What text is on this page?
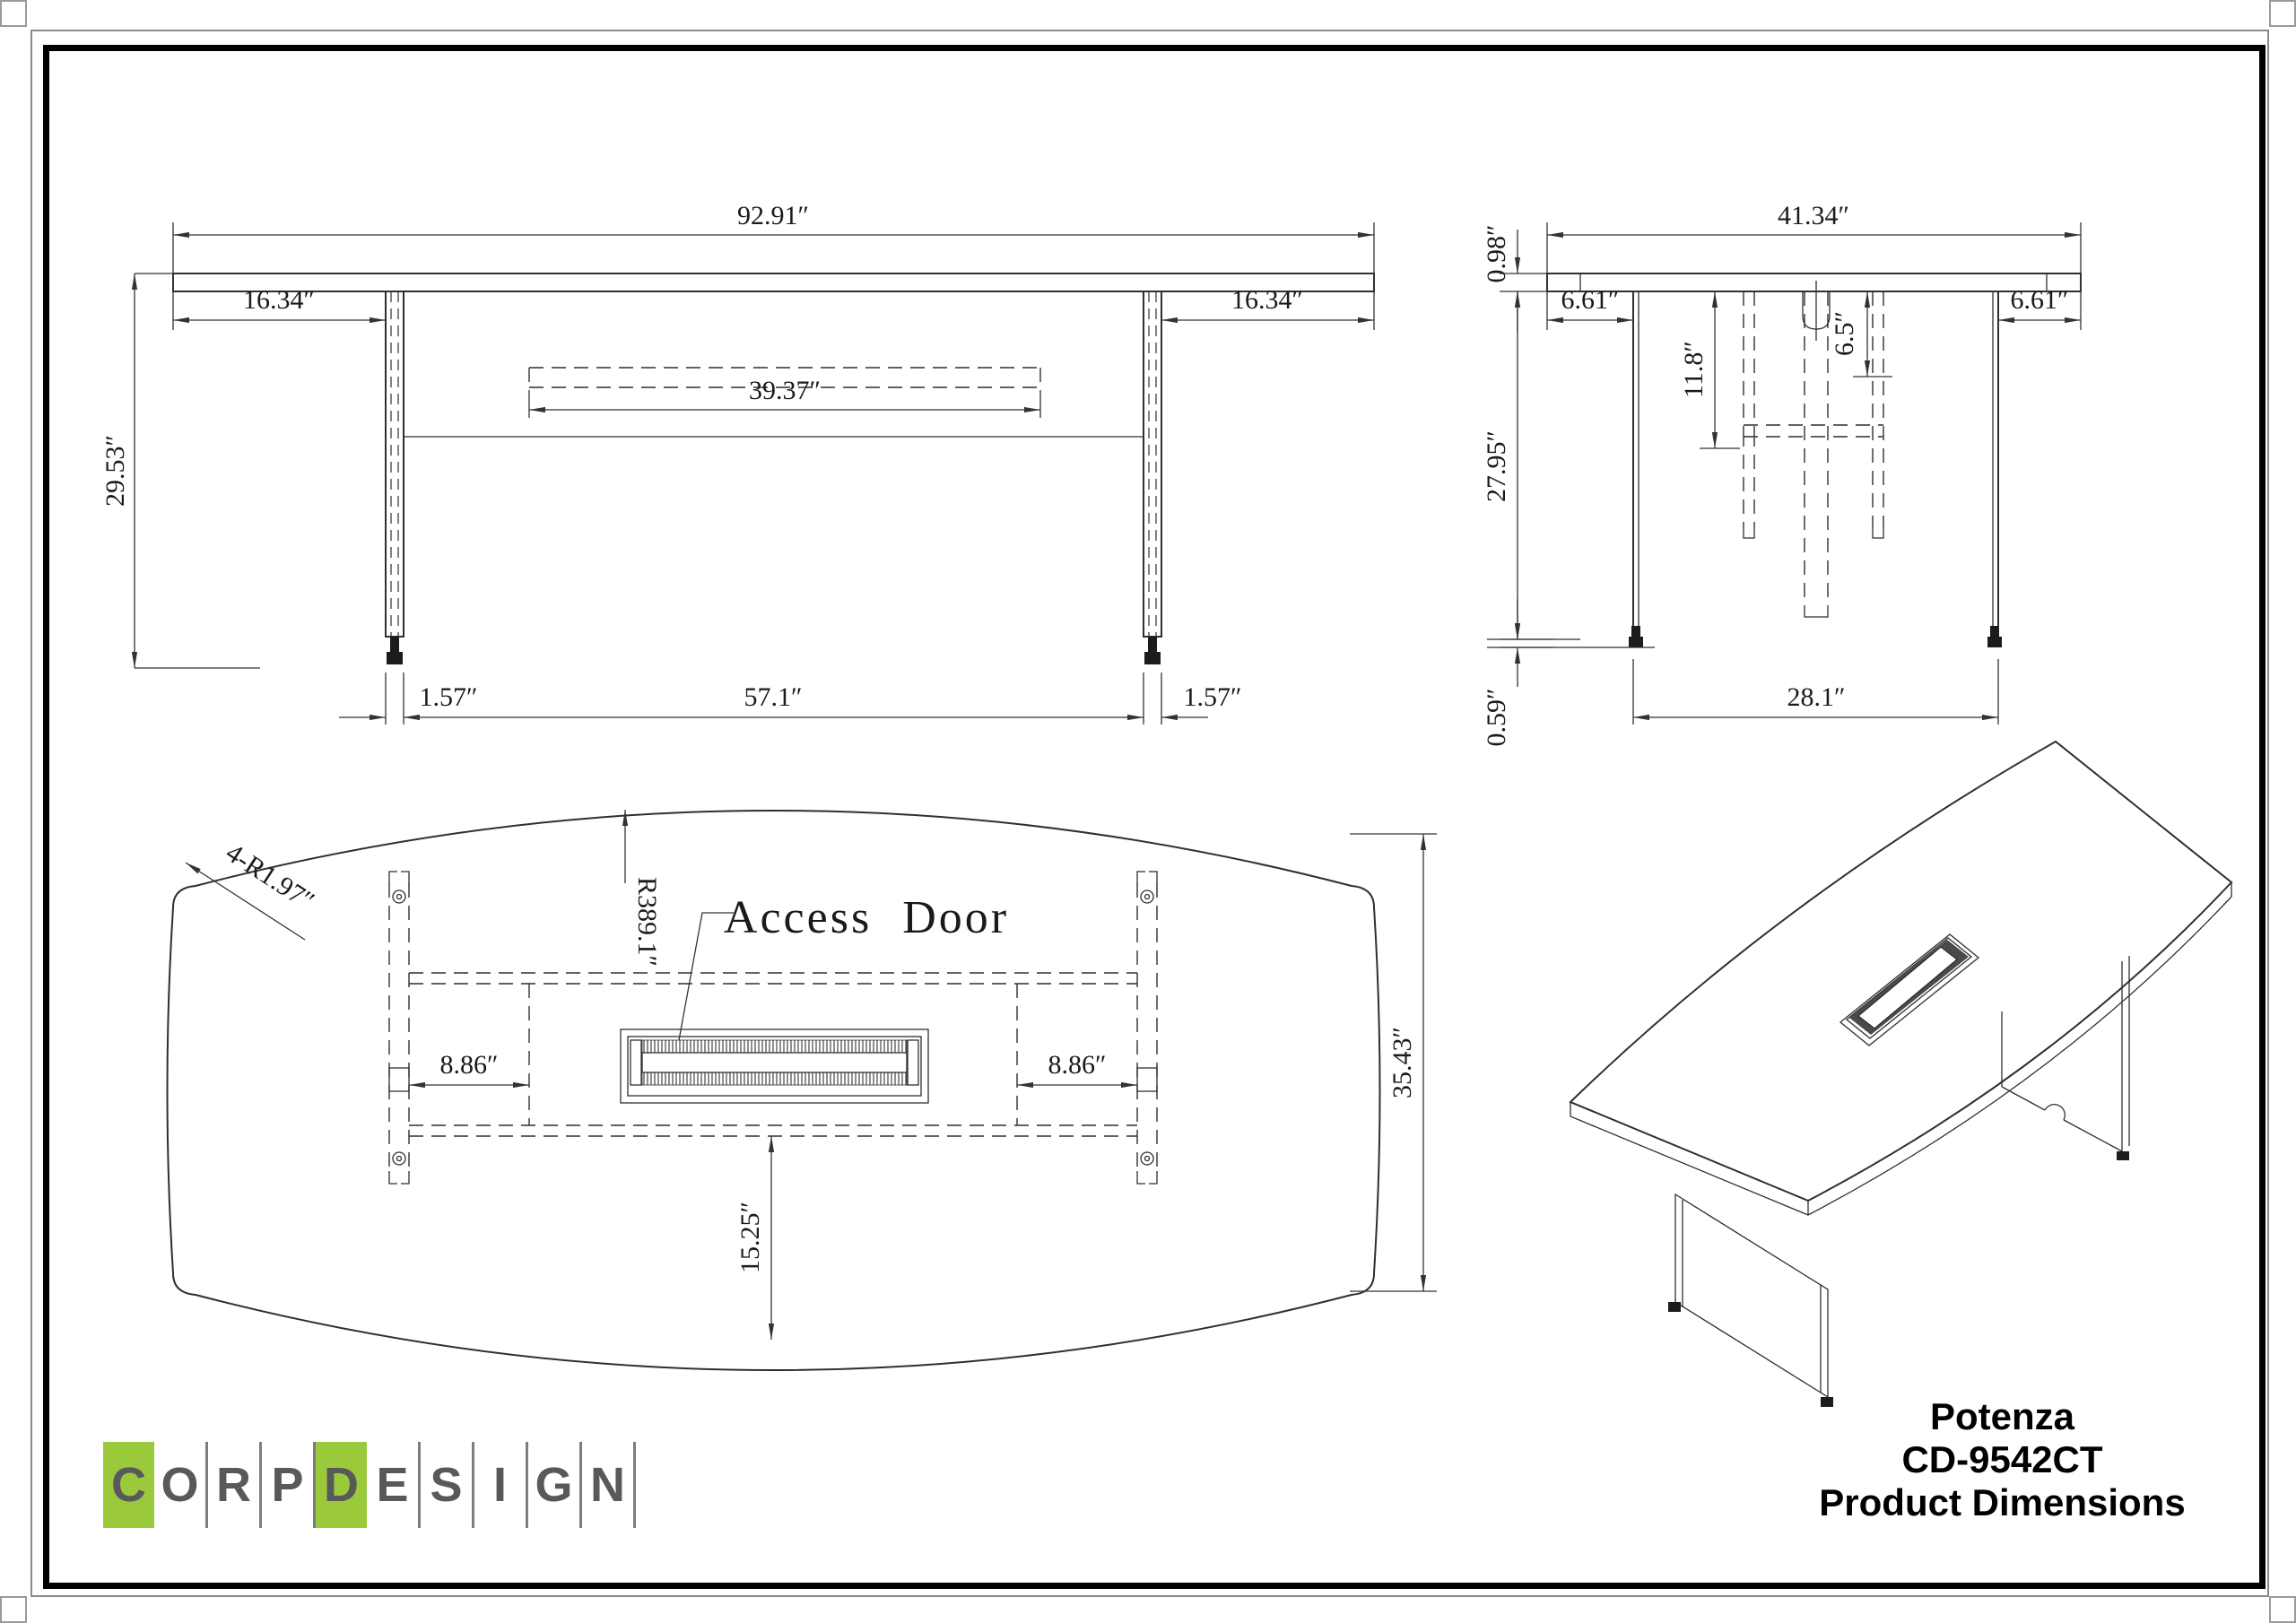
92.91″
16.34″	16.34″
39.37″
29.53″
1.57″	57.1″	1.57″
41.34″
0.98″
6.61″	6.61″
11.8″
6.5″
27.95″
0.59″	28.1″
Access Door
4-R1.97″	R389.1″
8.86″	8.86″
15.25″
35.43″
C O R P D E S I G N
Potenza
CD-9542CT
Product Dimensions
